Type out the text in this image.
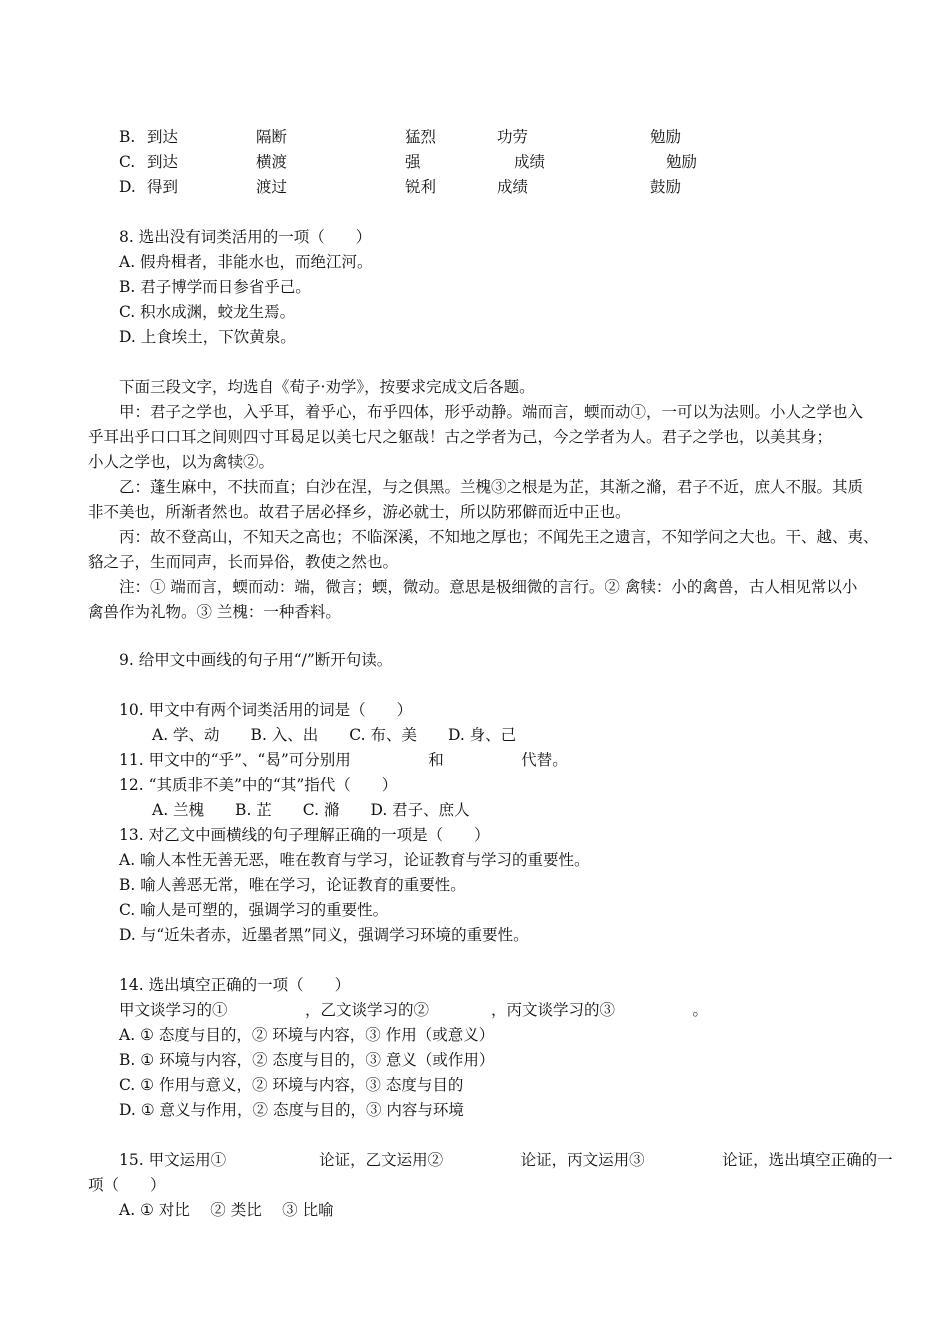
B. 到达	隔断	猛烈	功劳	勉励
C. 到达	横渡	强	成绩	勉励
D. 得到	渡过	锐利	成绩	鼓励
8. 选出没有词类活用的一项（　　）
A. 假舟楫者，非能水也，而绝江河。
B. 君子博学而日参省乎己。
C. 积水成渊，蛟龙生焉。
D. 上食埃土，下饮黄泉。
下面三段文字，均选自《荀子·劝学》，按要求完成文后各题。
甲：君子之学也，入乎耳，着乎心，布乎四体，形乎动静。端而言，蝡而动①，一可以为法则。小人之学也入
乎耳出乎口口耳之间则四寸耳曷足以美七尺之躯哉！古之学者为己，今之学者为人。君子之学也，以美其身；
小人之学也，以为禽犊②。
乙：蓬生麻中，不扶而直；白沙在涅，与之俱黑。兰槐③之根是为芷，其渐之滫，君子不近，庶人不服。其质
非不美也，所渐者然也。故君子居必择乡，游必就士，所以防邪僻而近中正也。
丙：故不登高山，不知天之高也；不临深溪，不知地之厚也；不闻先王之遗言，不知学问之大也。干、越、夷、
貉之子，生而同声，长而异俗，教使之然也。
注：① 端而言，蝡而动：端，微言；蝡，微动。意思是极细微的言行。② 禽犊：小的禽兽，古人相见常以小
禽兽作为礼物。③ 兰槐：一种香料。
9. 给甲文中画线的句子用“/”断开句读。
10. 甲文中有两个词类活用的词是（　　）
A. 学、动　　B. 入、出　　C. 布、美　　D. 身、己
11. 甲文中的“乎”、“曷”可分别用　　　　　和　　　　　代替。
12. “其质非不美”中的“其”指代（　　）
A. 兰槐　　B. 芷　　C. 滫　　D. 君子、庶人
13. 对乙文中画横线的句子理解正确的一项是（　　）
A. 喻人本性无善无恶，唯在教育与学习，论证教育与学习的重要性。
B. 喻人善恶无常，唯在学习，论证教育的重要性。
C. 喻人是可塑的，强调学习的重要性。
D. 与“近朱者赤，近墨者黑”同义，强调学习环境的重要性。
14. 选出填空正确的一项（　　）
甲文谈学习的①　　　　　，乙文谈学习的②　　　　，丙文谈学习的③　　　　　。
A. ① 态度与目的，② 环境与内容，③ 作用（或意义）
B. ① 环境与内容，② 态度与目的，③ 意义（或作用）
C. ① 作用与意义，② 环境与内容，③ 态度与目的
D. ① 意义与作用，② 态度与目的，③ 内容与环境
15. 甲文运用①　　　　　　论证，乙文运用②　　　　　论证，丙文运用③　　　　　论证，选出填空正确的一
项（　　）
A. ① 对比　 ② 类比　 ③ 比喻
